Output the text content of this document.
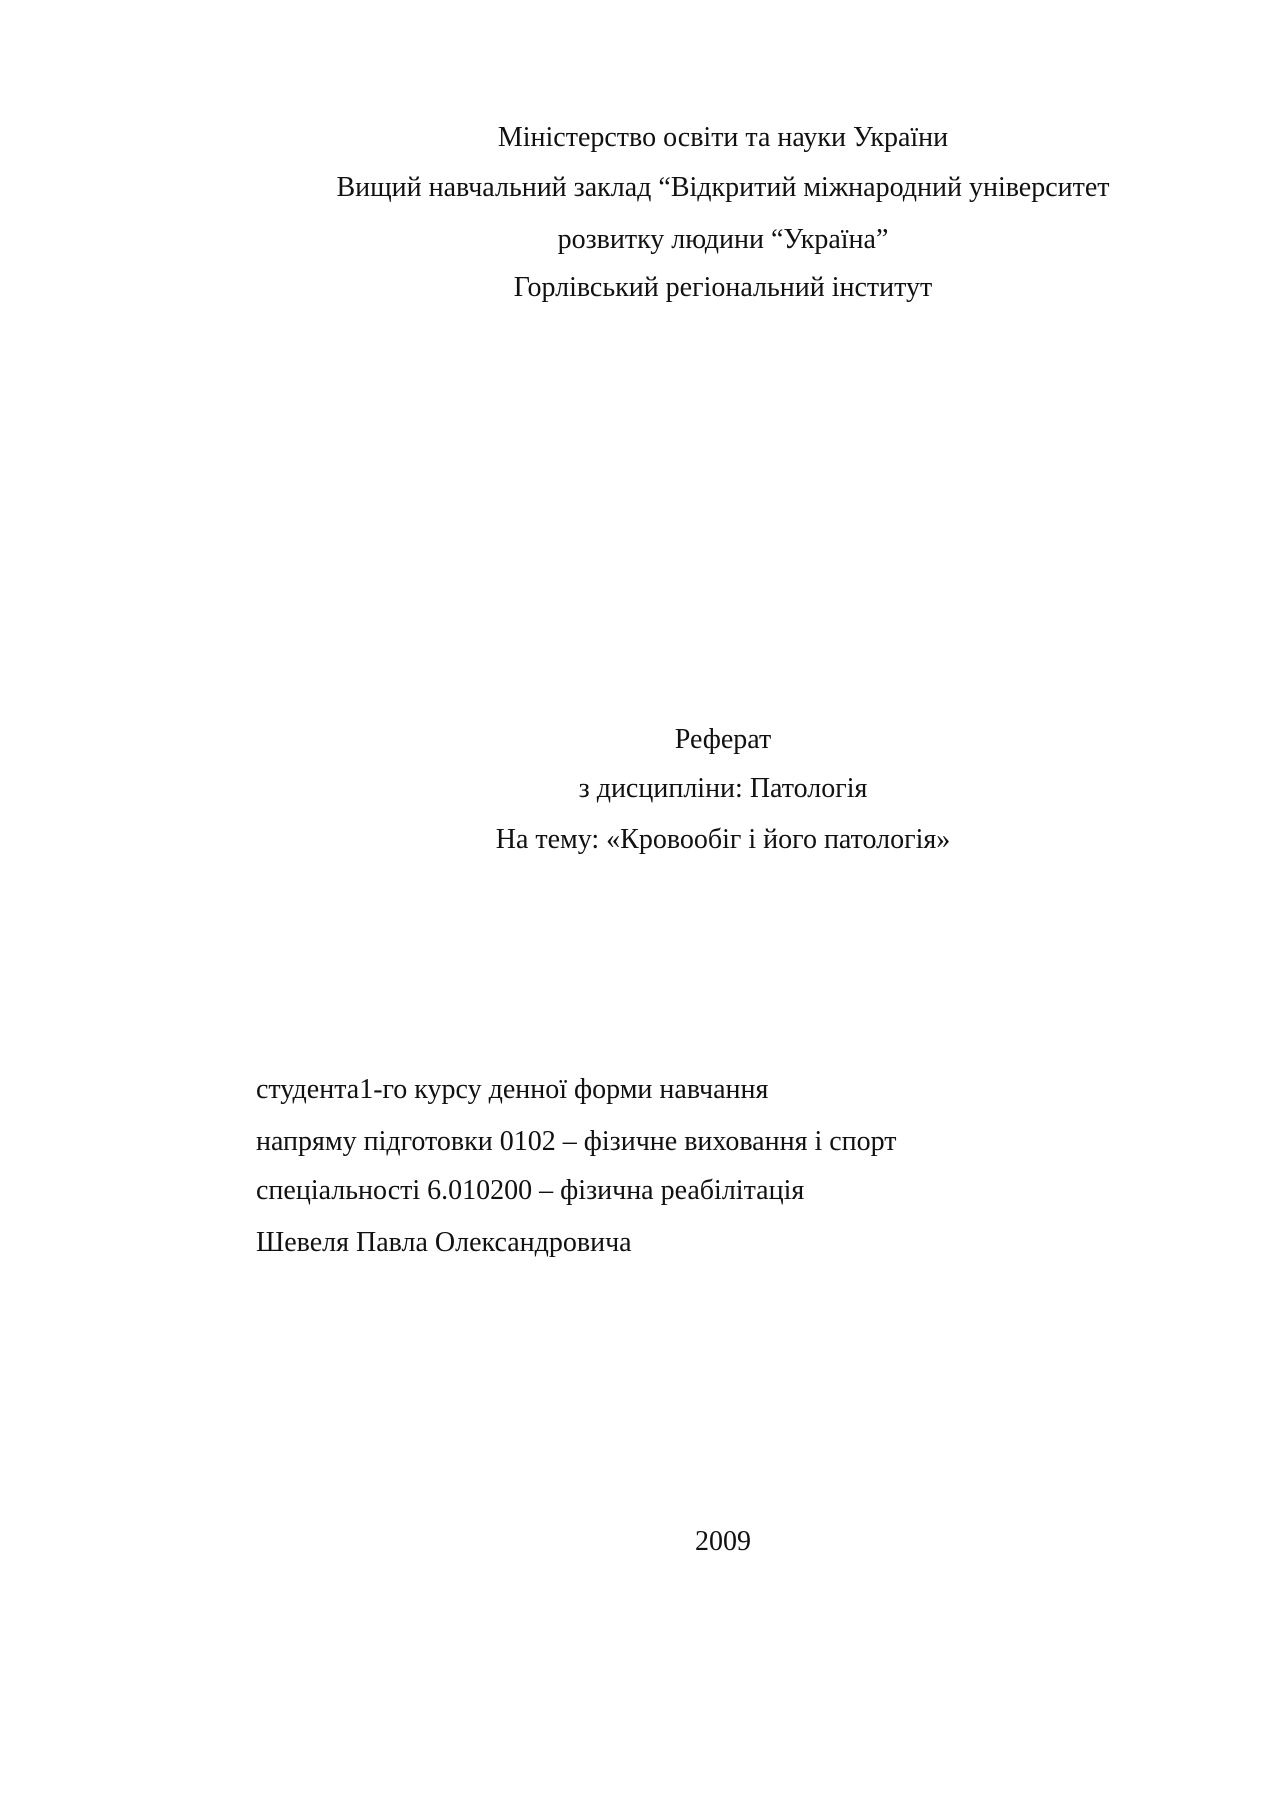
Міністерство освіти та науки України
Вищий навчальний заклад “Відкритий міжнародний університет
розвитку людини “Україна”
Горлівський регіональний інститут
Реферат
з дисципліни: Патологія
На тему: «Кровообіг і його патологія»
студента1-го курсу денної форми навчання
напряму підготовки 0102 – фізичне виховання і спорт
спеціальності 6.010200 – фізична реабілітація
Шевеля Павла Олександровича
2009
